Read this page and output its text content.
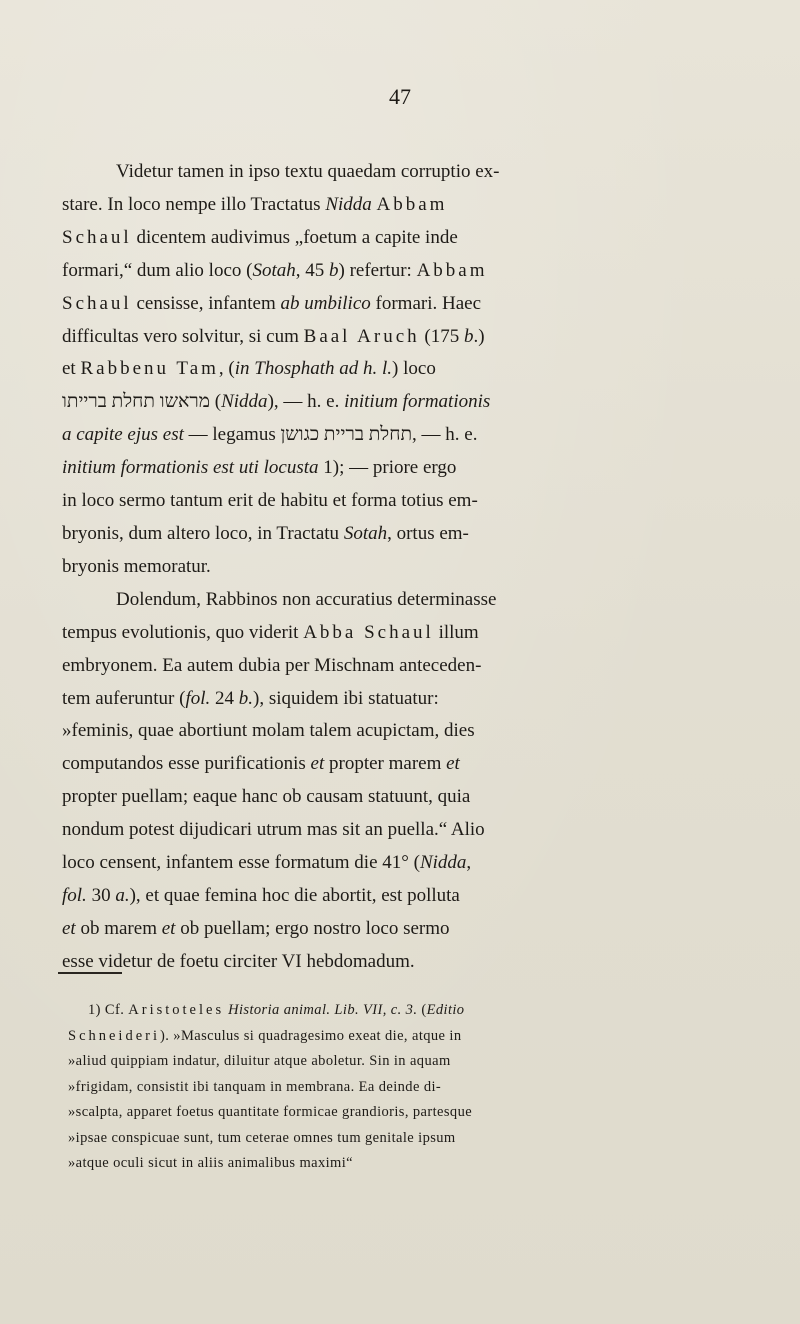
47

Videtur tamen in ipso textu quaedam corruptio ex-
stare. In loco nempe illo Tractatus Nidda Abbam
Schaul dicentem audivimus „foetum a capite inde
formari,“ dum alio loco (Sotah, 45 b) refertur: Abbam
Schaul censisse, infantem ab umbilico formari. Haec
difficultas vero solvitur, si cum Baal Aruch (175 b.)
et Rabbenu Tam, (in Thosphath ad h. l.) loco
מראשו תחלת ברייתו (Nidda), — h. e. initium formationis
a capite ejus est — legamus תחלת בריית כגושן, — h. e.
initium formationis est uti locusta 1); — priore ergo
in loco sermo tantum erit de habitu et forma totius em-
bryonis, dum altero loco, in Tractatu Sotah, ortus em-
bryonis memoratur.

Dolendum, Rabbinos non accuratius determinasse
tempus evolutionis, quo viderit Abba Schaul illum
embryonem. Ea autem dubia per Mischnam anteceden-
tem auferuntur (fol. 24 b.), siquidem ibi statuatur:
»feminis, quae abortiunt molam talem acupictam, dies
computandos esse purificationis et propter marem et
propter puellam; eaque hanc ob causam statuunt, quia
nondum potest dijudicari utrum mas sit an puella.“ Alio
loco censent, infantem esse formatum die 41° (Nidda,
fol. 30 a.), et quae femina hoc die abortit, est polluta
et ob marem et ob puellam; ergo nostro loco sermo
esse videtur de foetu circiter VI hebdomadum.

1) Cf. Aristoteles Historia animal. Lib. VII, c. 3. (Editio
Schneideri). »Masculus si quadragesimo exeat die, atque in
»aliud quippiam indatur, diluitur atque aboletur. Sin in aquam
»frigidam, consistit ibi tanquam in membrana. Ea deinde di-
»scalpta, apparet foetus quantitate formicae grandioris, partesque
»ipsae conspicuae sunt, tum ceterae omnes tum genitale ipsum
»atque oculi sicut in aliis animalibus maximi“
